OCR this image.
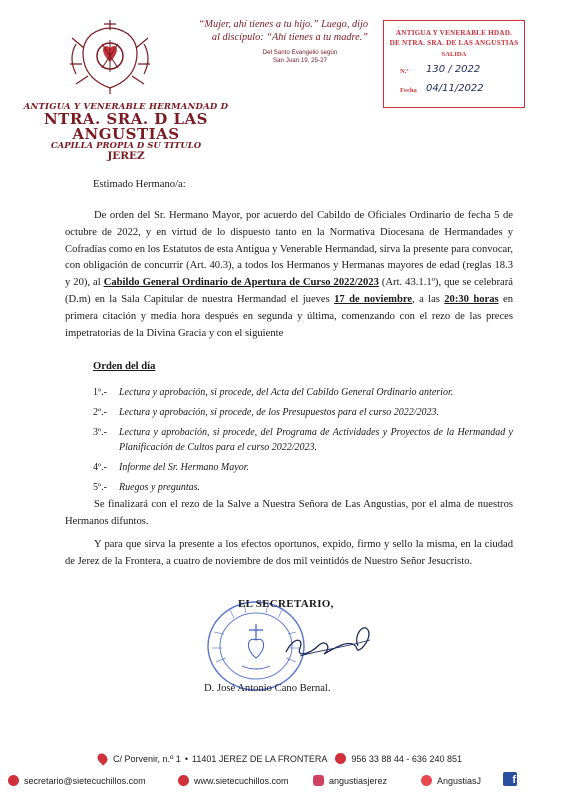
ANTIGUA Y VENERABLE HERMANDAD D
NTRA. SRA. D LAS ANGUSTIAS
CAPILLA PROPIA D SU TITULO
JEREZ
“Mujer, ahí tienes a tu hijo.” Luego, dijo
al discípulo: “Ahí tienes a tu madre.”
Del Santo Evangelio según
San Juan 19, 25-27
ANTIGUA Y VENERABLE HDAD.
DE NTRA. SRA. DE LAS ANGUSTIAS
SALIDA
N.º 130 / 2022
Fecha 04/11/2022
Estimado Hermano/a:
De orden del Sr. Hermano Mayor, por acuerdo del Cabildo de Oficiales Ordinario de fecha 5 de octubre de 2022, y en virtud de lo dispuesto tanto en la Normativa Diocesana de Hermandades y Cofradías como en los Estatutos de esta Antigua y Venerable Hermandad, sirva la presente para convocar, con obligación de concurrir (Art. 40.3), a todos los Hermanos y Hermanas mayores de edad (reglas 18.3 y 20), al Cabildo General Ordinario de Apertura de Curso 2022/2023 (Art. 43.1.1º), que se celebrará (D.m) en la Sala Capitular de nuestra Hermandad el jueves 17 de noviembre, a las 20:30 horas en primera citación y media hora después en segunda y última, comenzando con el rezo de las preces impetratorias de la Divina Gracia y con el siguiente
Orden del día
1º.-	Lectura y aprobación, si procede, del Acta del Cabildo General Ordinario anterior.
2º.-	Lectura y aprobación, si procede, de los Presupuestos para el curso 2022/2023.
3º.-	Lectura y aprobación, si procede, del Programa de Actividades y Proyectos de la Hermandad y Planificación de Cultos para el curso 2022/2023.
4º.-	Informe del Sr. Hermano Mayor.
5º.-	Ruegos y preguntas.
Se finalizará con el rezo de la Salve a Nuestra Señora de Las Angustias, por el alma de nuestros Hermanos difuntos.
Y para que sirva la presente a los efectos oportunos, expido, firmo y sello la misma, en la ciudad de Jerez de la Frontera, a cuatro de noviembre de dos mil veintidós de Nuestro Señor Jesucristo.
EL SECRETARIO,
D. José Antonio Cano Bernal.
C/ Porvenir, n.º 1 • 11401 JEREZ DE LA FRONTERA	956 33 88 44 - 636 240 851
secretario@sietecuchillos.com	www.sietecuchillos.com	angustiasjerez	AngustiasJ	f
